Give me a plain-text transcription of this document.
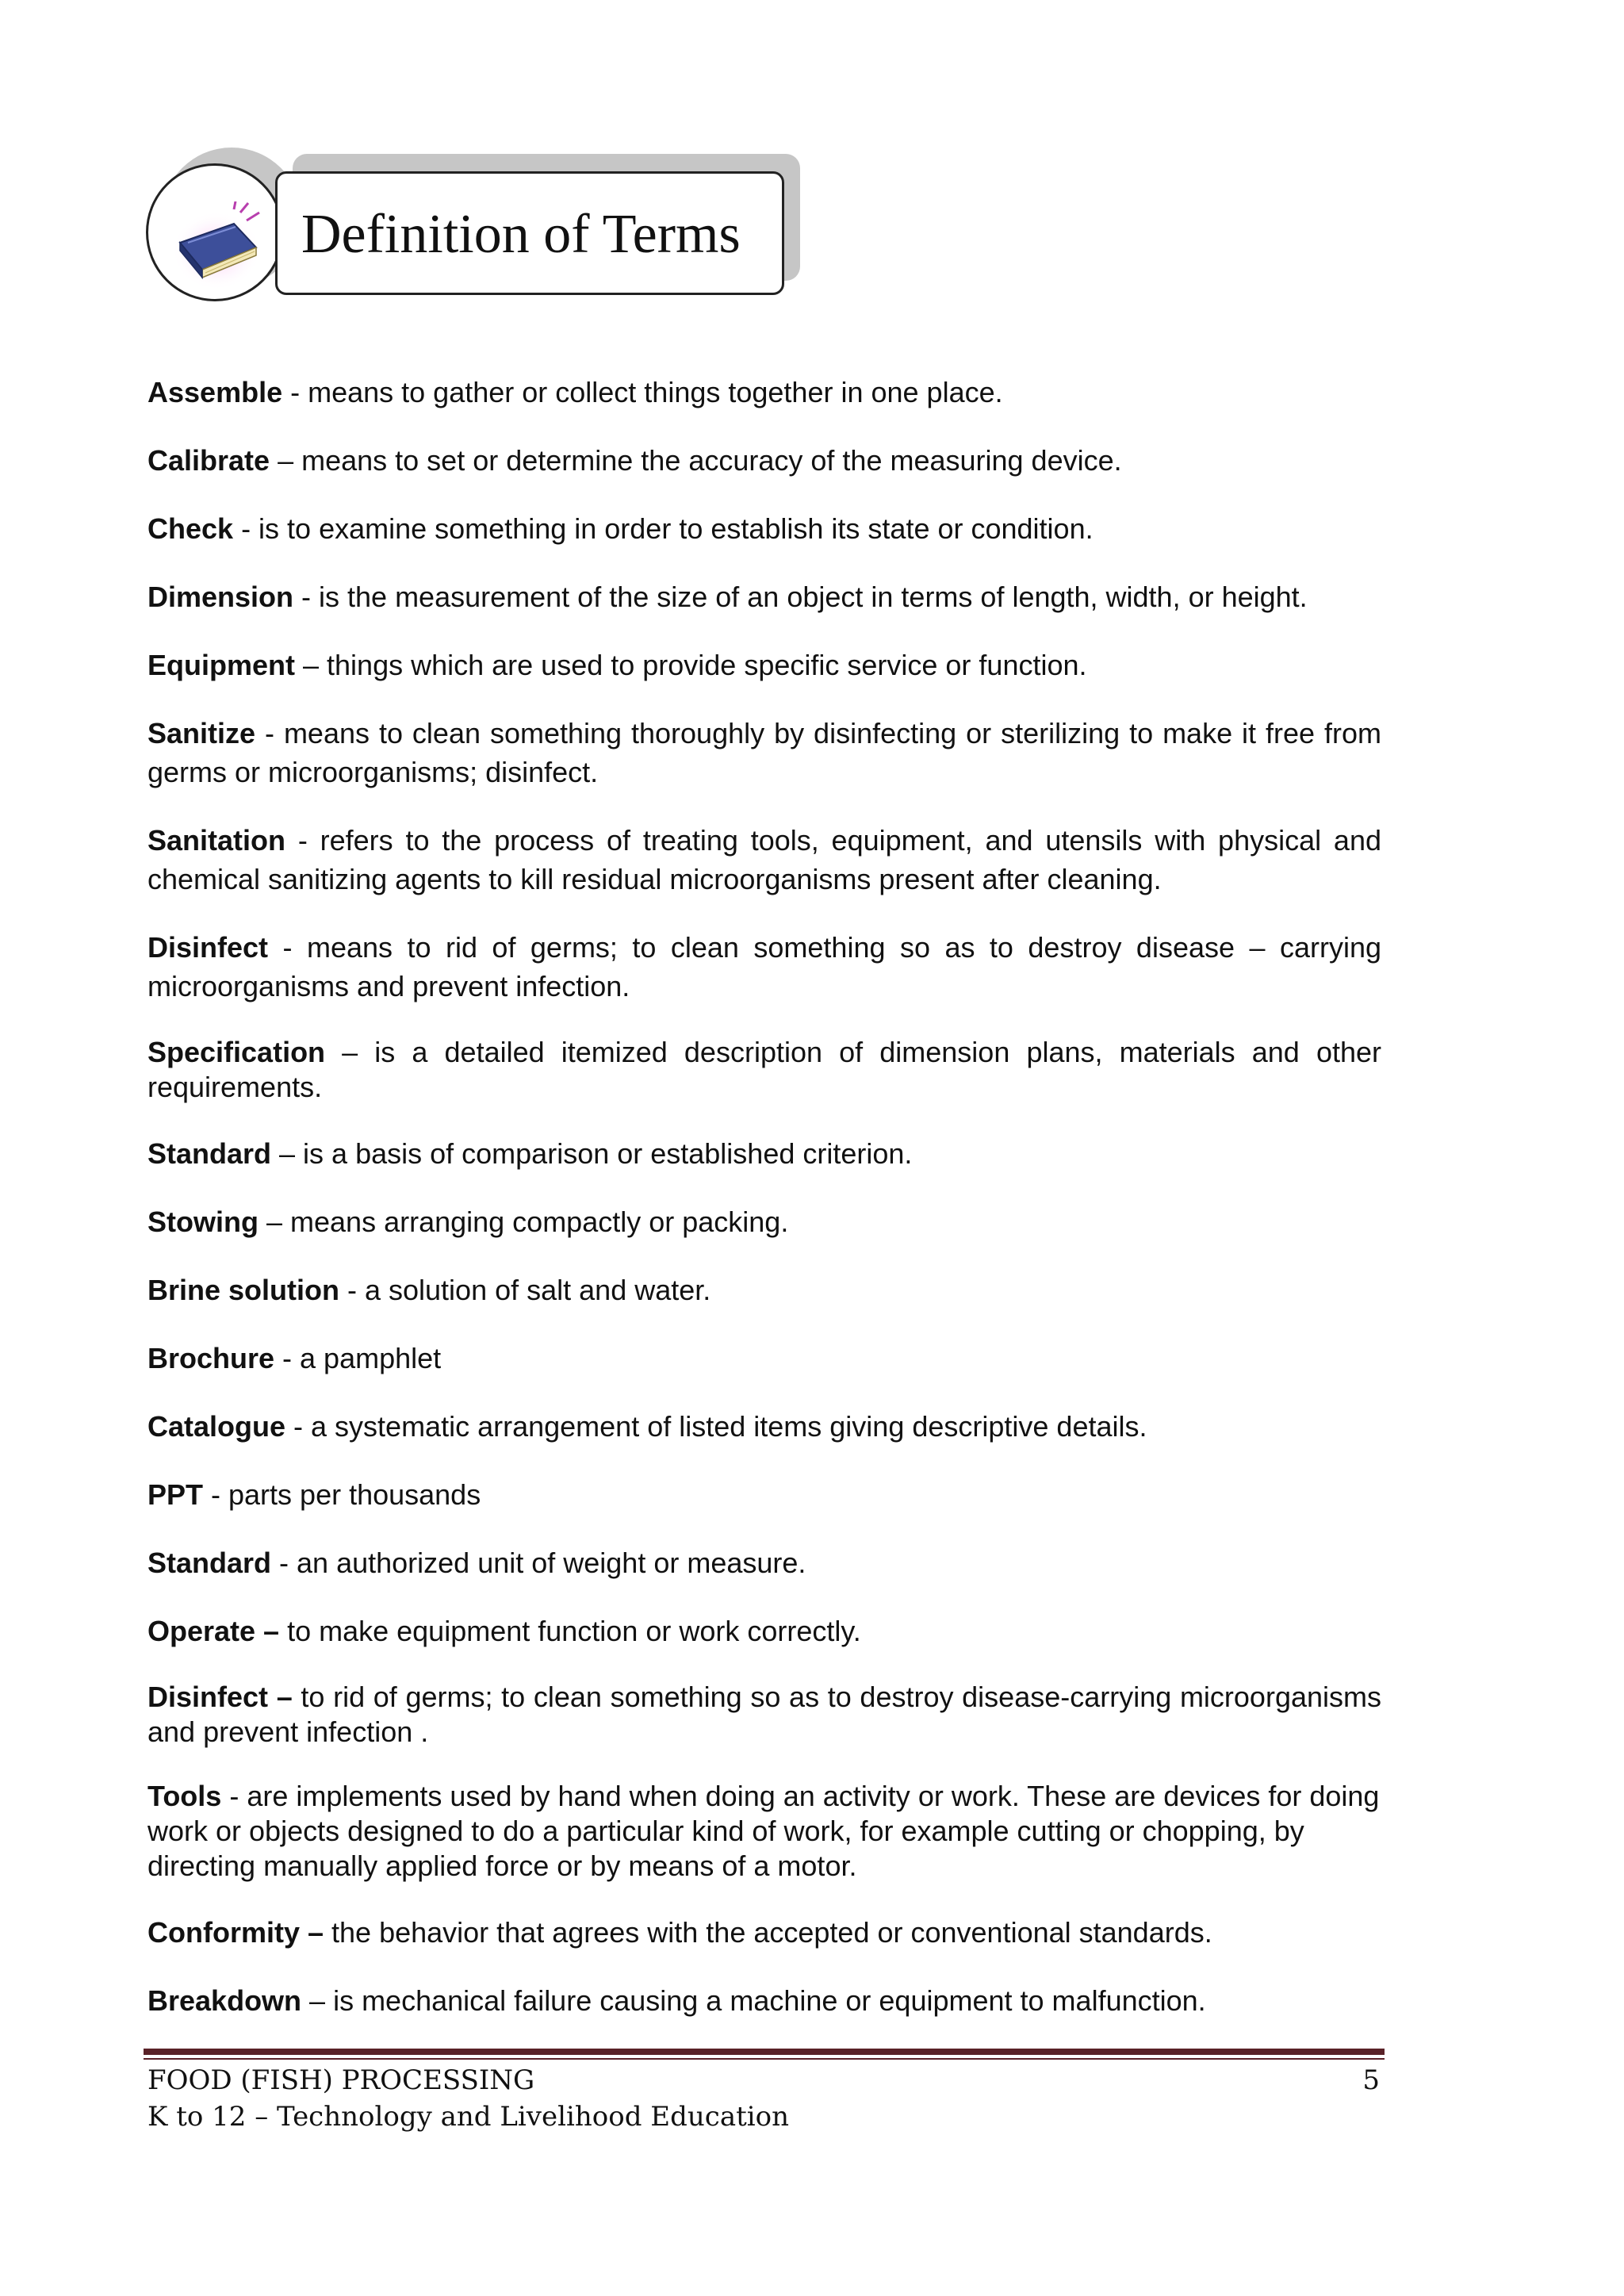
Definition of Terms
Assemble - means to gather or collect things together in one place.
Calibrate – means to set or determine the accuracy of the measuring device.
Check - is to examine something in order to establish its state or condition.
Dimension - is the measurement of the size of an object in terms of length, width, or height.
Equipment – things which are used to provide specific service or function.
Sanitize - means to clean something thoroughly by disinfecting or sterilizing to make it free from germs or microorganisms; disinfect.
Sanitation - refers to the process of treating tools, equipment, and utensils with physical and chemical sanitizing agents to kill residual microorganisms present after cleaning.
Disinfect - means to rid of germs; to clean something so as to destroy disease – carrying microorganisms and prevent infection.
Specification – is a detailed itemized description of dimension plans, materials and other requirements.
Standard – is a basis of comparison or established criterion.
Stowing – means arranging compactly or packing.
Brine solution - a solution of salt and water.
Brochure - a pamphlet
Catalogue - a systematic arrangement of listed items giving descriptive details.
PPT - parts per thousands
Standard - an authorized unit of weight or measure.
Operate – to make equipment function or work correctly.
Disinfect – to rid of germs; to clean something so as to destroy disease-carrying microorganisms and prevent infection .
Tools - are implements used by hand when doing an activity or work. These are devices for doing work or objects designed to do a particular kind of work, for example cutting or chopping, by directing manually applied force or by means of a motor.
Conformity – the behavior that agrees with the accepted or conventional standards.
Breakdown – is mechanical failure causing a machine or equipment to malfunction.
FOOD (FISH) PROCESSING
K to 12 – Technology and Livelihood Education
5
